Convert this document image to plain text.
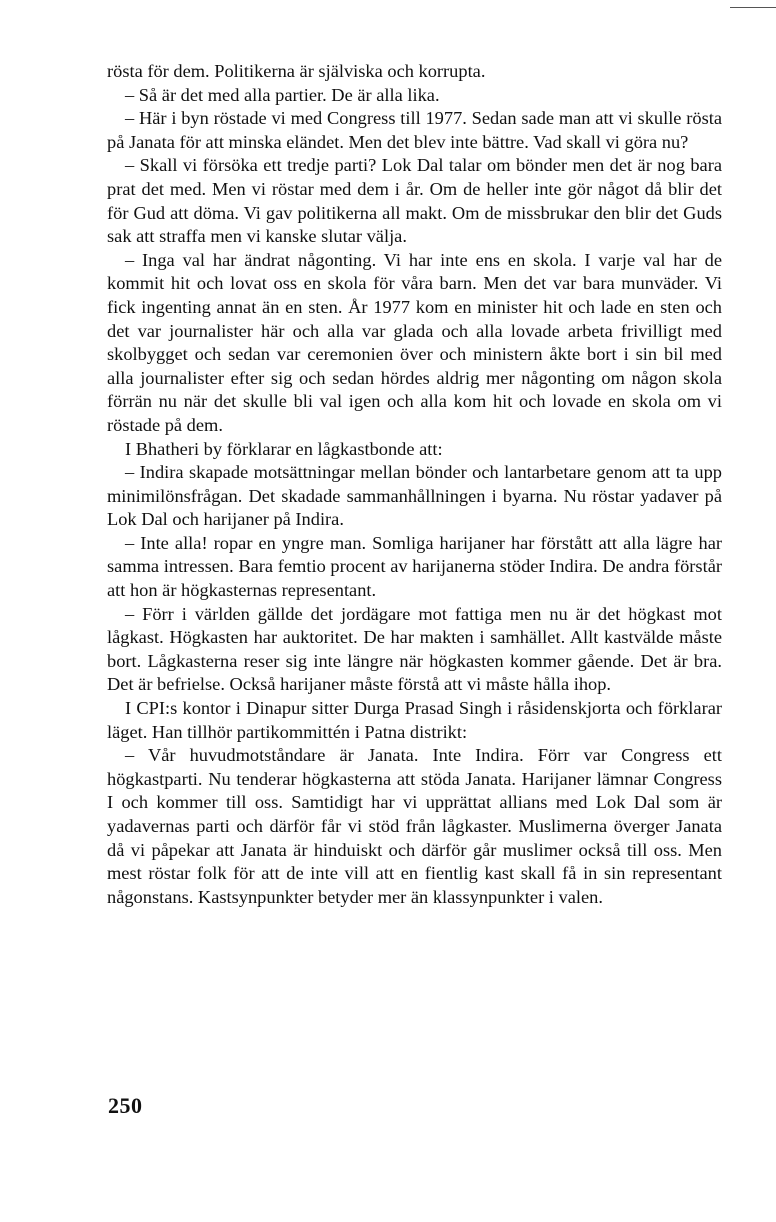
rösta för dem. Politikerna är själviska och korrupta.

– Så är det med alla partier. De är alla lika.

– Här i byn röstade vi med Congress till 1977. Sedan sade man att vi skulle rösta på Janata för att minska eländet. Men det blev inte bättre. Vad skall vi göra nu?

– Skall vi försöka ett tredje parti? Lok Dal talar om bönder men det är nog bara prat det med. Men vi röstar med dem i år. Om de heller inte gör något då blir det för Gud att döma. Vi gav politikerna all makt. Om de missbrukar den blir det Guds sak att straffa men vi kanske slutar välja.

– Inga val har ändrat någonting. Vi har inte ens en skola. I varje val har de kommit hit och lovat oss en skola för våra barn. Men det var bara munväder. Vi fick ingenting annat än en sten. År 1977 kom en minister hit och lade en sten och det var journalister här och alla var glada och alla lovade arbeta frivilligt med skolbygget och sedan var ceremonien över och ministern åkte bort i sin bil med alla journalister efter sig och sedan hördes aldrig mer någonting om någon skola förrän nu när det skulle bli val igen och alla kom hit och lovade en skola om vi röstade på dem.

I Bhatheri by förklarar en lågkastbonde att:

– Indira skapade motsättningar mellan bönder och lantarbetare genom att ta upp minimilönsfrågan. Det skadade sammanhållningen i byarna. Nu röstar yadaver på Lok Dal och harijaner på Indira.

– Inte alla! ropar en yngre man. Somliga harijaner har förstått att alla lägre har samma intressen. Bara femtio procent av harijanerna stöder Indira. De andra förstår att hon är högkasternas representant.

– Förr i världen gällde det jordägare mot fattiga men nu är det högkast mot lågkast. Högkasten har auktoritet. De har makten i samhället. Allt kastvälde måste bort. Lågkasterna reser sig inte längre när högkasten kommer gående. Det är bra. Det är befrielse. Också harijaner måste förstå att vi måste hålla ihop.

I CPI:s kontor i Dinapur sitter Durga Prasad Singh i råsidenskjorta och förklarar läget. Han tillhör partikommittén i Patna distrikt:

– Vår huvudmotståndare är Janata. Inte Indira. Förr var Congress ett högkastparti. Nu tenderar högkasterna att stöda Janata. Harijaner lämnar Congress I och kommer till oss. Samtidigt har vi upprättat allians med Lok Dal som är yadavernas parti och därför får vi stöd från lågkaster. Muslimerna överger Janata då vi påpekar att Janata är hinduiskt och därför går muslimer också till oss. Men mest röstar folk för att de inte vill att en fientlig kast skall få in sin representant någonstans. Kastsynpunkter betyder mer än klassynpunkter i valen.

250
